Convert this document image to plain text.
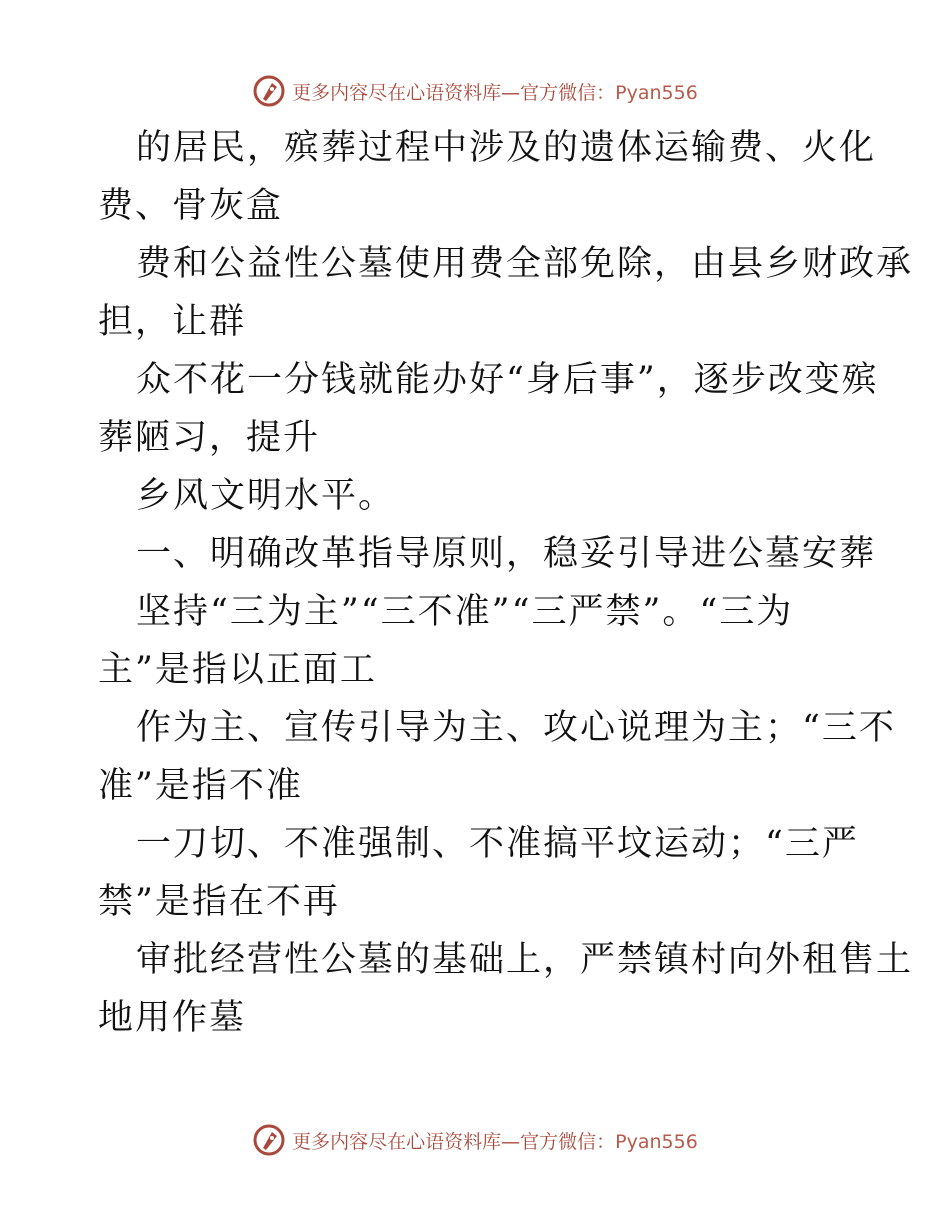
更多内容尽在心语资料库—官方微信：Pyan556
的居民，殡葬过程中涉及的遗体运输费、火化
费、骨灰盒
费和公益性公墓使用费全部免除，由县乡财政承
担，让群
众不花一分钱就能办好“身后事”，逐步改变殡
葬陋习，提升
乡风文明水平。
一、明确改革指导原则，稳妥引导进公墓安葬
坚持“三为主”“三不准”“三严禁”。“三为
主”是指以正面工
作为主、宣传引导为主、攻心说理为主；“三不
准”是指不准
一刀切、不准强制、不准搞平坟运动；“三严
禁”是指在不再
审批经营性公墓的基础上，严禁镇村向外租售土
地用作墓
更多内容尽在心语资料库—官方微信：Pyan556
